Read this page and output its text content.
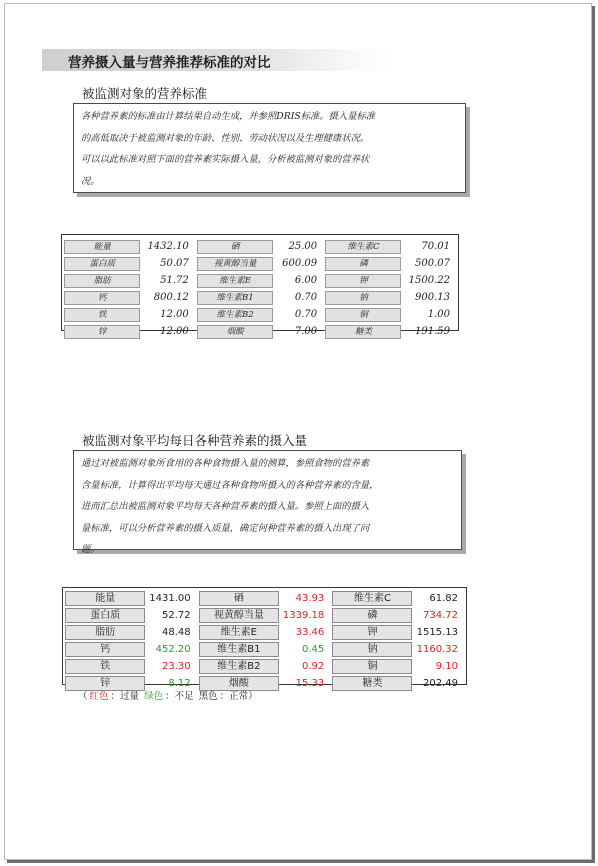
营养摄入量与营养推荐标准的对比
被监测对象的营养标准

各种营养素的标准由计算结果自动生成，并参照DRIS标准。摄入量标准

的高低取决于被监测对象的年龄、性别、劳动状况以及生理健康状况。

可以以此标准对照下面的营养素实际摄入量，分析被监测对象的营养状

况。

能量	1432.10	硒	25.00	维生素C	70.01
蛋白质	50.07	视黄醇当量	600.09	磷	500.07
脂肪	51.72	维生素E	6.00	钾	1500.22
钙	800.12	维生素B1	0.70	钠	900.13
铁	12.00	维生素B2	0.70	铜	1.00
锌	12.00	烟酸	7.00	糖类	191.59
被监测对象平均每日各种营养素的摄入量

通过对被监测对象所食用的各种食物摄入量的测算，参照食物的营养素

含量标准，计算得出平均每天通过各种食物所摄入的各种营养素的含量，

进而汇总出被监测对象平均每天各种营养素的摄入量。参照上面的摄入

量标准，可以分析营养素的摄入质量，确定何种营养素的摄入出现了问

题。

能量	1431.00	硒	43.93	维生素C	61.82
蛋白质	52.72	视黄醇当量	1339.18	磷	734.72
脂肪	48.48	维生素E	33.46	钾	1515.13
钙	452.20	维生素B1	0.45	钠	1160.32
铁	23.30	维生素B2	0.92	铜	9.10
锌	8.12	烟酸	15.33	糖类	202.49
（ 红色 ：过量 绿色 ：不足 黑色 ：正常）
